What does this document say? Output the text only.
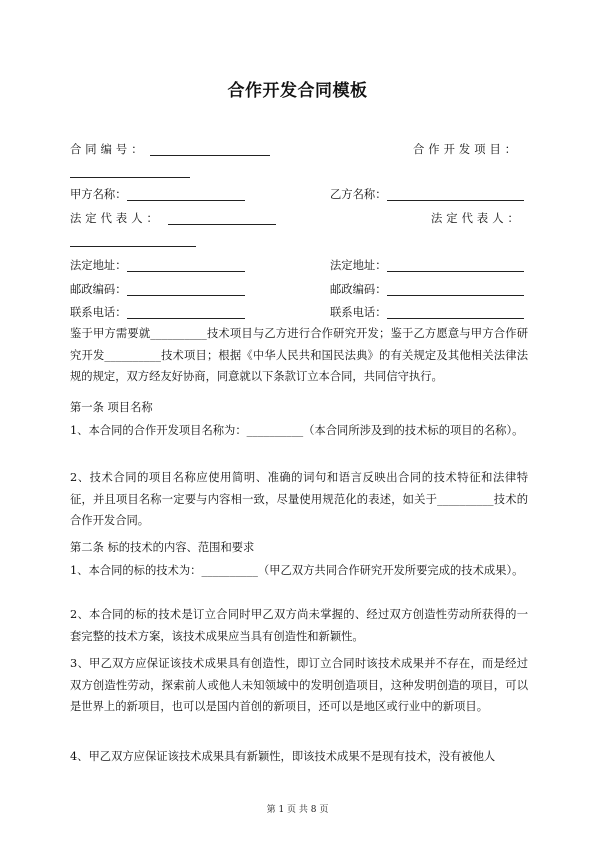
合作开发合同模板
合同编号：	合作开发项目：
甲方名称：	乙方名称：
法定代表人：	法定代表人：
法定地址：	法定地址：
邮政编码：	邮政编码：
联系电话：	联系电话：
鉴于甲方需要就__________技术项目与乙方进行合作研究开发；鉴于乙方愿意与甲方合作研究开发__________技术项目；根据《中华人民共和国民法典》的有关规定及其他相关法律法规的规定，双方经友好协商，同意就以下条款订立本合同，共同信守执行。
第一条 项目名称
1、本合同的合作开发项目名称为：__________（本合同所涉及到的技术标的项目的名称）。
2、技术合同的项目名称应使用简明、准确的词句和语言反映出合同的技术特征和法律特征，并且项目名称一定要与内容相一致，尽量使用规范化的表述，如关于__________技术的合作开发合同。
第二条 标的技术的内容、范围和要求
1、本合同的标的技术为：__________（甲乙双方共同合作研究开发所要完成的技术成果）。
2、本合同的标的技术是订立合同时甲乙双方尚未掌握的、经过双方创造性劳动所获得的一套完整的技术方案，该技术成果应当具有创造性和新颖性。
3、甲乙双方应保证该技术成果具有创造性，即订立合同时该技术成果并不存在，而是经过双方创造性劳动，探索前人或他人未知领域中的发明创造项目，这种发明创造的项目，可以是世界上的新项目，也可以是国内首创的新项目，还可以是地区或行业中的新项目。
4、甲乙双方应保证该技术成果具有新颖性，即该技术成果不是现有技术，没有被他人
第 1 页 共 8 页
